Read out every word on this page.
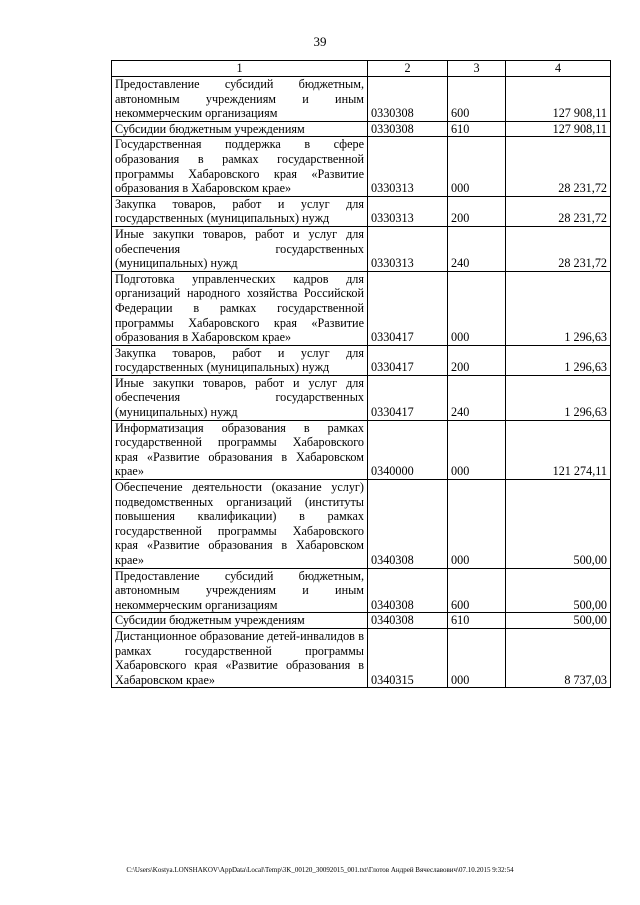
39
1	2	3	4
Предоставление субсидий бюджетным, автономным учреждениям и иным некоммерческим организациям	0330308	600	127 908,11
Субсидии бюджетным учреждениям	0330308	610	127 908,11
Государственная поддержка в сфере образования в рамках государственной программы Хабаровского края «Развитие образования в Хабаровском крае»	0330313	000	28 231,72
Закупка товаров, работ и услуг для государственных (муниципальных) нужд	0330313	200	28 231,72
Иные закупки товаров, работ и услуг для обеспечения государственных (муниципальных) нужд	0330313	240	28 231,72
Подготовка управленческих кадров для организаций народного хозяйства Российской Федерации в рамках государственной программы Хабаровского края «Развитие образования в Хабаровском крае»	0330417	000	1 296,63
Закупка товаров, работ и услуг для государственных (муниципальных) нужд	0330417	200	1 296,63
Иные закупки товаров, работ и услуг для обеспечения государственных (муниципальных) нужд	0330417	240	1 296,63
Информатизация образования в рамках государственной программы Хабаровского края «Развитие образования в Хабаровском крае»	0340000	000	121 274,11
Обеспечение деятельности (оказание услуг) подведомственных организаций (институты повышения квалификации) в рамках государственной программы Хабаровского края «Развитие образования в Хабаровском крае»	0340308	000	500,00
Предоставление субсидий бюджетным, автономным учреждениям и иным некоммерческим организациям	0340308	600	500,00
Субсидии бюджетным учреждениям	0340308	610	500,00
Дистанционное образование детей-инвалидов в рамках государственной программы Хабаровского края «Развитие образования в Хабаровском крае»	0340315	000	8 737,03
C:\Users\Kostya.LONSHAKOV\AppData\Local\Temp\3K_00120_30092015_001.txt\Глотов Андрей Вячеславович\07.10.2015 9:32:54
